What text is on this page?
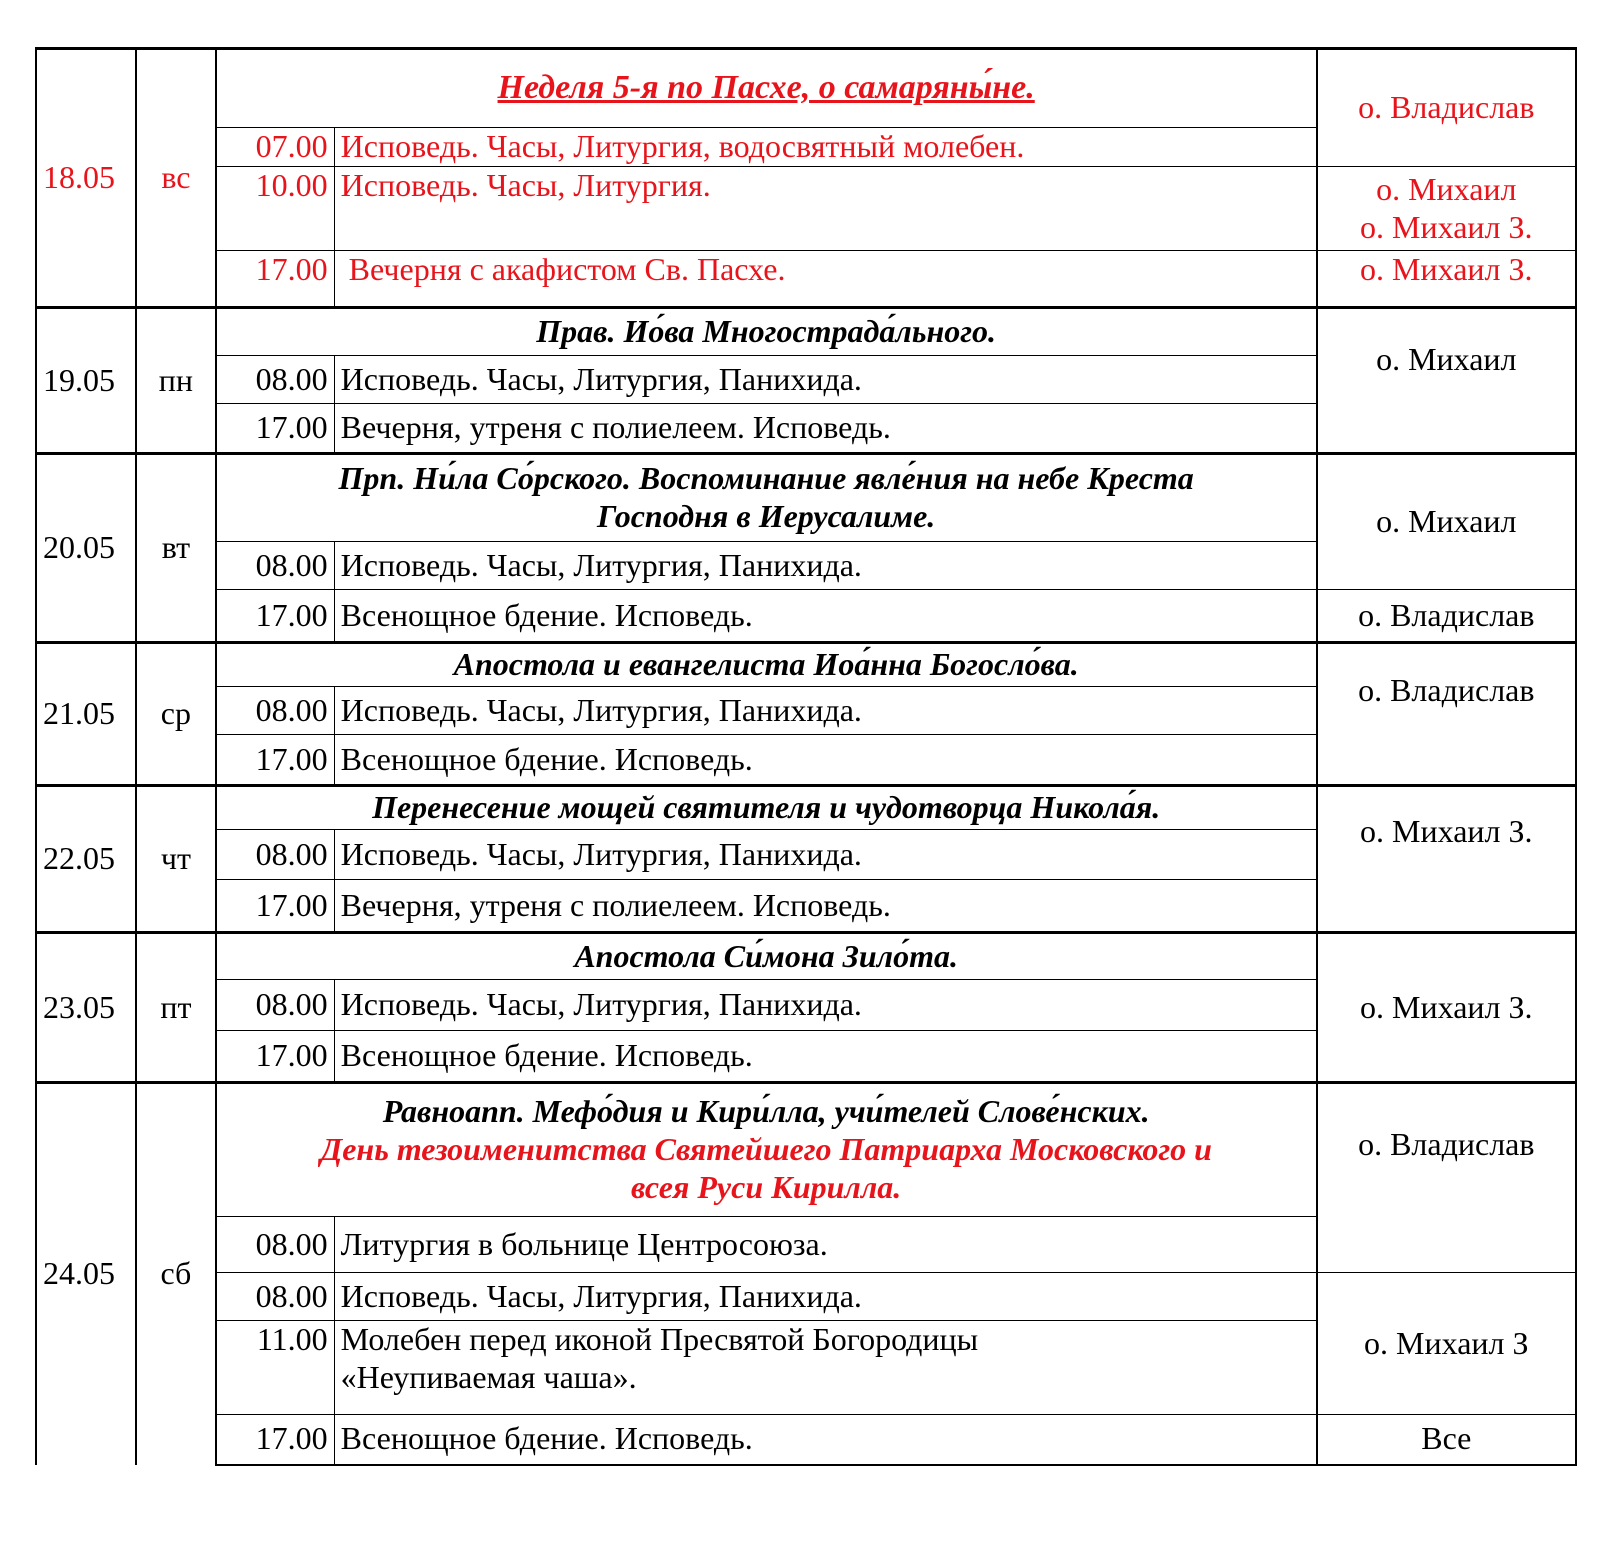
18.05	вс	Неделя 5-я по Пасхе, о самаряны́не.		о. Владислав
		07.00	Исповедь. Часы, Литургия, водосвятный молебен.	
		10.00	Исповедь. Часы, Литургия.	о. Михаил
о. Михаил З.

		17.00	Вечерня с акафистом Св. Пасхе.	о. Михаил З.
19.05	пн	Прав. Ио́ва Многострада́льного.		о. Михаил
		08.00	Исповедь. Часы, Литургия, Панихида.	
		17.00	Вечерня, утреня с полиелеем. Исповедь.	
20.05	вт	Прп. Ни́ла Со́рского. Воспоминание явле́ния на небе Креста
Господня в Иерусалиме.		о. Михаил
		08.00	Исповедь. Часы, Литургия, Панихида.	
		17.00	Всенощное бдение. Исповедь.	о. Владислав
21.05	ср	Апостола и евангелиста Иоа́нна Богосло́ва.		о. Владислав
		08.00	Исповедь. Часы, Литургия, Панихида.	
		17.00	Всенощное бдение. Исповедь.	
22.05	чт	Перенесение мощей святителя и чудотворца Никола́я.		о. Михаил З.
		08.00	Исповедь. Часы, Литургия, Панихида.	
		17.00	Вечерня, утреня с полиелеем. Исповедь.	
23.05	пт	Апостола Си́мона Зило́та.		о. Михаил З.
		08.00	Исповедь. Часы, Литургия, Панихида.	
		17.00	Всенощное бдение. Исповедь.	
24.05	сб	Равноапп. Мефо́дия и Кири́лла, учи́телей Слове́нских.
День тезоименитства Святейшего Патриарха Московского и
всея Руси Кирилла.		о. Владислав
		08.00	Литургия в больнице Центросоюза.	
		08.00	Исповедь. Часы, Литургия, Панихида.	о. Михаил З
		11.00	Молебен перед иконой Пресвятой Богородицы
«Неупиваемая чаша».	

		17.00	Всенощное бдение. Исповедь.	Все
